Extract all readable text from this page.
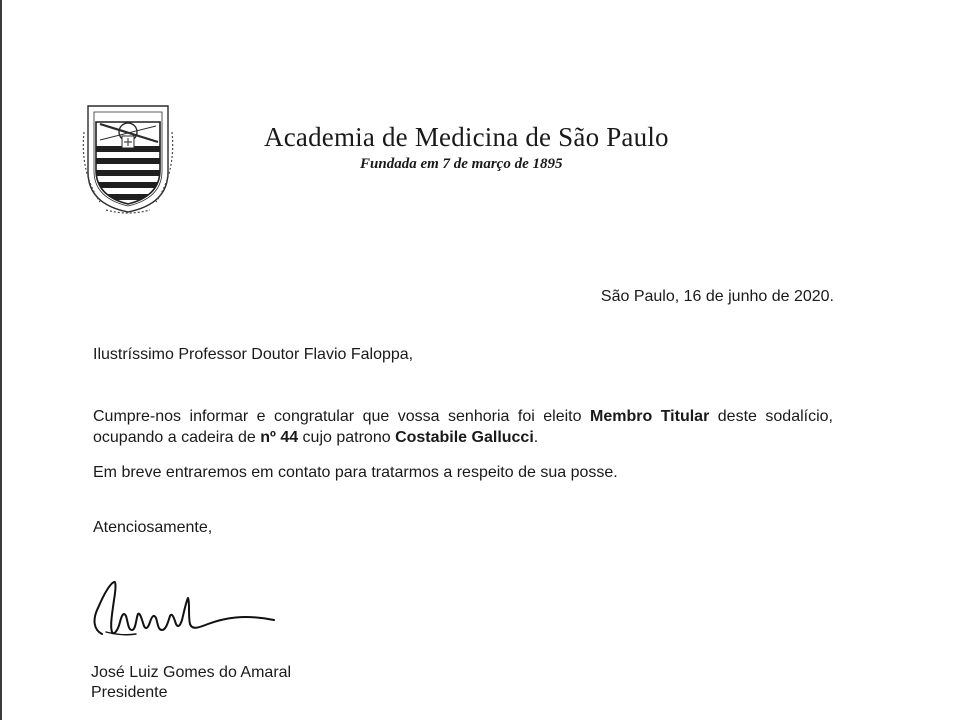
Academia de Medicina de São Paulo
Fundada em 7 de março de 1895
São Paulo, 16 de junho de 2020.
Ilustríssimo Professor Doutor Flavio Faloppa,
Cumpre-nos informar e congratular que vossa senhoria foi eleito Membro Titular deste sodalício, ocupando a cadeira de nº 44 cujo patrono Costabile Gallucci.
Em breve entraremos em contato para tratarmos a respeito de sua posse.
Atenciosamente,
José Luiz Gomes do Amaral
Presidente
